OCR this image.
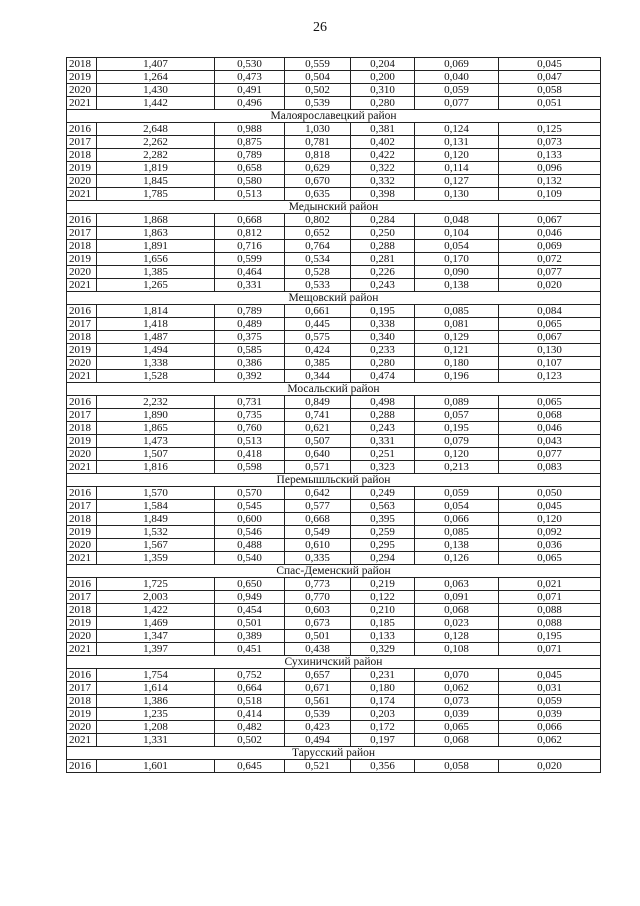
26
2018	1,407	0,530	0,559	0,204	0,069	0,045
2019	1,264	0,473	0,504	0,200	0,040	0,047
2020	1,430	0,491	0,502	0,310	0,059	0,058
2021	1,442	0,496	0,539	0,280	0,077	0,051
Малоярославецкий район						
2016	2,648	0,988	1,030	0,381	0,124	0,125
2017	2,262	0,875	0,781	0,402	0,131	0,073
2018	2,282	0,789	0,818	0,422	0,120	0,133
2019	1,819	0,658	0,629	0,322	0,114	0,096
2020	1,845	0,580	0,670	0,332	0,127	0,132
2021	1,785	0,513	0,635	0,398	0,130	0,109
Медынский район						
2016	1,868	0,668	0,802	0,284	0,048	0,067
2017	1,863	0,812	0,652	0,250	0,104	0,046
2018	1,891	0,716	0,764	0,288	0,054	0,069
2019	1,656	0,599	0,534	0,281	0,170	0,072
2020	1,385	0,464	0,528	0,226	0,090	0,077
2021	1,265	0,331	0,533	0,243	0,138	0,020
Мещовский район						
2016	1,814	0,789	0,661	0,195	0,085	0,084
2017	1,418	0,489	0,445	0,338	0,081	0,065
2018	1,487	0,375	0,575	0,340	0,129	0,067
2019	1,494	0,585	0,424	0,233	0,121	0,130
2020	1,338	0,386	0,385	0,280	0,180	0,107
2021	1,528	0,392	0,344	0,474	0,196	0,123
Мосальский район						
2016	2,232	0,731	0,849	0,498	0,089	0,065
2017	1,890	0,735	0,741	0,288	0,057	0,068
2018	1,865	0,760	0,621	0,243	0,195	0,046
2019	1,473	0,513	0,507	0,331	0,079	0,043
2020	1,507	0,418	0,640	0,251	0,120	0,077
2021	1,816	0,598	0,571	0,323	0,213	0,083
Перемышльский район						
2016	1,570	0,570	0,642	0,249	0,059	0,050
2017	1,584	0,545	0,577	0,563	0,054	0,045
2018	1,849	0,600	0,668	0,395	0,066	0,120
2019	1,532	0,546	0,549	0,259	0,085	0,092
2020	1,567	0,488	0,610	0,295	0,138	0,036
2021	1,359	0,540	0,335	0,294	0,126	0,065
Спас-Деменский район						
2016	1,725	0,650	0,773	0,219	0,063	0,021
2017	2,003	0,949	0,770	0,122	0,091	0,071
2018	1,422	0,454	0,603	0,210	0,068	0,088
2019	1,469	0,501	0,673	0,185	0,023	0,088
2020	1,347	0,389	0,501	0,133	0,128	0,195
2021	1,397	0,451	0,438	0,329	0,108	0,071
Сухиничский район						
2016	1,754	0,752	0,657	0,231	0,070	0,045
2017	1,614	0,664	0,671	0,180	0,062	0,031
2018	1,386	0,518	0,561	0,174	0,073	0,059
2019	1,235	0,414	0,539	0,203	0,039	0,039
2020	1,208	0,482	0,423	0,172	0,065	0,066
2021	1,331	0,502	0,494	0,197	0,068	0,062
Тарусский район						
2016	1,601	0,645	0,521	0,356	0,058	0,020
